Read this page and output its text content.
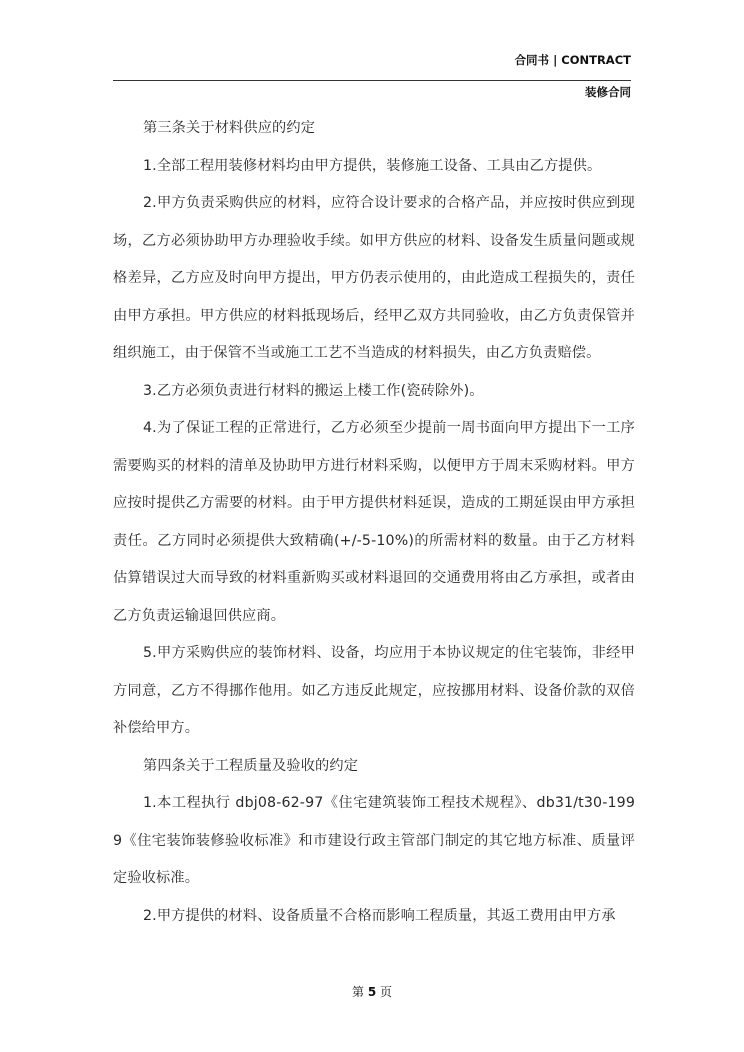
合同书 | CONTRACT
装修合同

第三条关于材料供应的约定

1.全部工程用装修材料均由甲方提供，装修施工设备、工具由乙方提供。

2.甲方负责采购供应的材料，应符合设计要求的合格产品，并应按时供应到现场，乙方必须协助甲方办理验收手续。如甲方供应的材料、设备发生质量问题或规格差异，乙方应及时向甲方提出，甲方仍表示使用的，由此造成工程损失的，责任由甲方承担。甲方供应的材料抵现场后，经甲乙双方共同验收，由乙方负责保管并组织施工，由于保管不当或施工工艺不当造成的材料损失，由乙方负责赔偿。

3.乙方必须负责进行材料的搬运上楼工作(瓷砖除外)。

4.为了保证工程的正常进行，乙方必须至少提前一周书面向甲方提出下一工序需要购买的材料的清单及协助甲方进行材料采购，以便甲方于周末采购材料。甲方应按时提供乙方需要的材料。由于甲方提供材料延误，造成的工期延误由甲方承担责任。乙方同时必须提供大致精确(+/-5-10%)的所需材料的数量。由于乙方材料估算错误过大而导致的材料重新购买或材料退回的交通费用将由乙方承担，或者由乙方负责运输退回供应商。

5.甲方采购供应的装饰材料、设备，均应用于本协议规定的住宅装饰，非经甲方同意，乙方不得挪作他用。如乙方违反此规定，应按挪用材料、设备价款的双倍补偿给甲方。

第四条关于工程质量及验收的约定

1.本工程执行 dbj08-62-97《住宅建筑装饰工程技术规程》、db31/t30-1999《住宅装饰装修验收标准》和市建设行政主管部门制定的其它地方标准、质量评定验收标准。

2.甲方提供的材料、设备质量不合格而影响工程质量，其返工费用由甲方承

第 5 页
